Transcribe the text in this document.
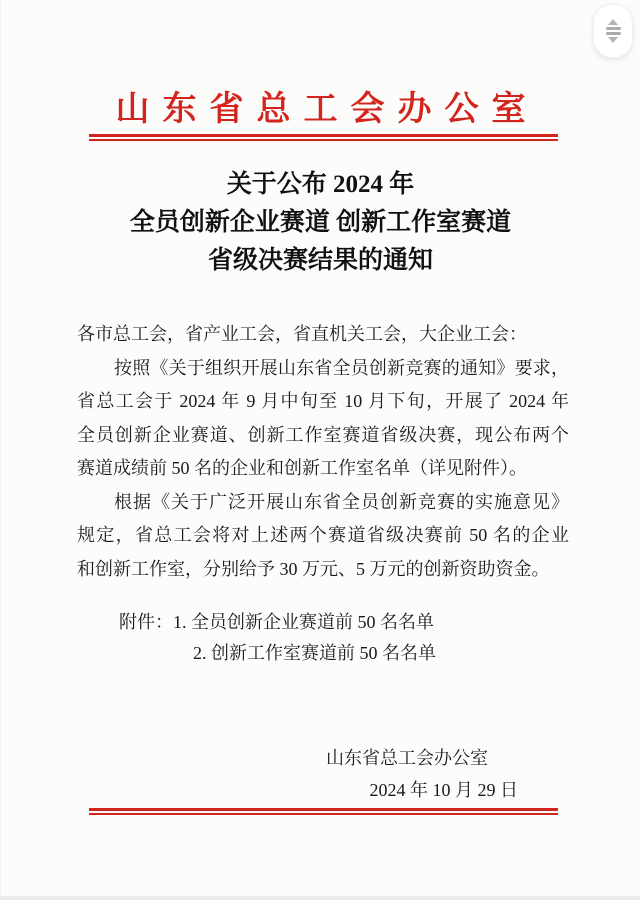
山东省总工会办公室
关于公布 2024 年
全员创新企业赛道 创新工作室赛道
省级决赛结果的通知
各市总工会，省产业工会，省直机关工会，大企业工会：
按照《关于组织开展山东省全员创新竞赛的通知》要求，
省总工会于 2024 年 9 月中旬至 10 月下旬，开展了 2024 年
全员创新企业赛道、创新工作室赛道省级决赛，现公布两个
赛道成绩前 50 名的企业和创新工作室名单（详见附件）。
根据《关于广泛开展山东省全员创新竞赛的实施意见》
规定，省总工会将对上述两个赛道省级决赛前 50 名的企业
和创新工作室，分别给予 30 万元、5 万元的创新资助资金。
附件：1. 全员创新企业赛道前 50 名名单
2. 创新工作室赛道前 50 名名单
山东省总工会办公室
2024 年 10 月 29 日
